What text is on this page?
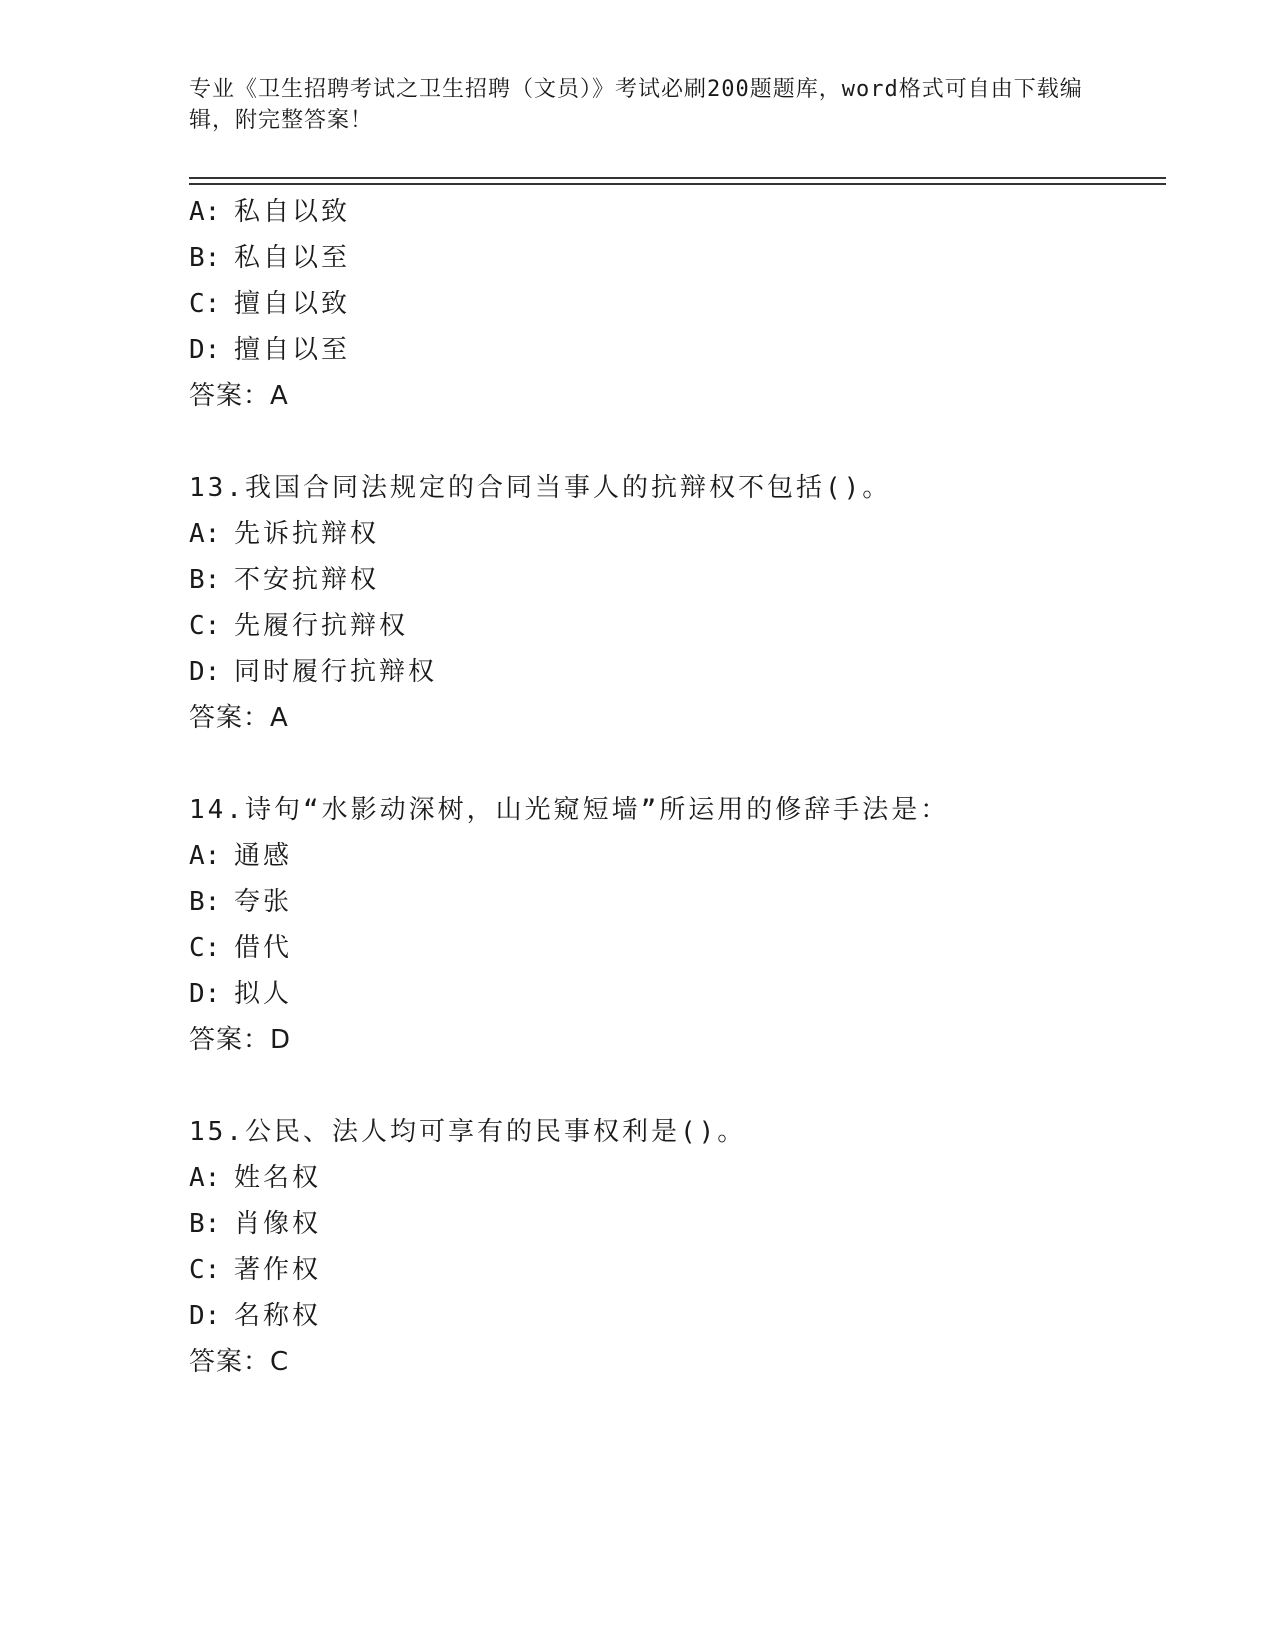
专业《卫生招聘考试之卫生招聘（文员）》考试必刷200题题库，word格式可自由下载编辑，附完整答案！
A: 私自以致
B: 私自以至
C: 擅自以致
D: 擅自以至
答案：A
13.我国合同法规定的合同当事人的抗辩权不包括()。
A: 先诉抗辩权
B: 不安抗辩权
C: 先履行抗辩权
D: 同时履行抗辩权
答案：A
14.诗句“水影动深树，山光窥短墙”所运用的修辞手法是：
A: 通感
B: 夸张
C: 借代
D: 拟人
答案：D
15.公民、法人均可享有的民事权利是()。
A: 姓名权
B: 肖像权
C: 著作权
D: 名称权
答案：C
